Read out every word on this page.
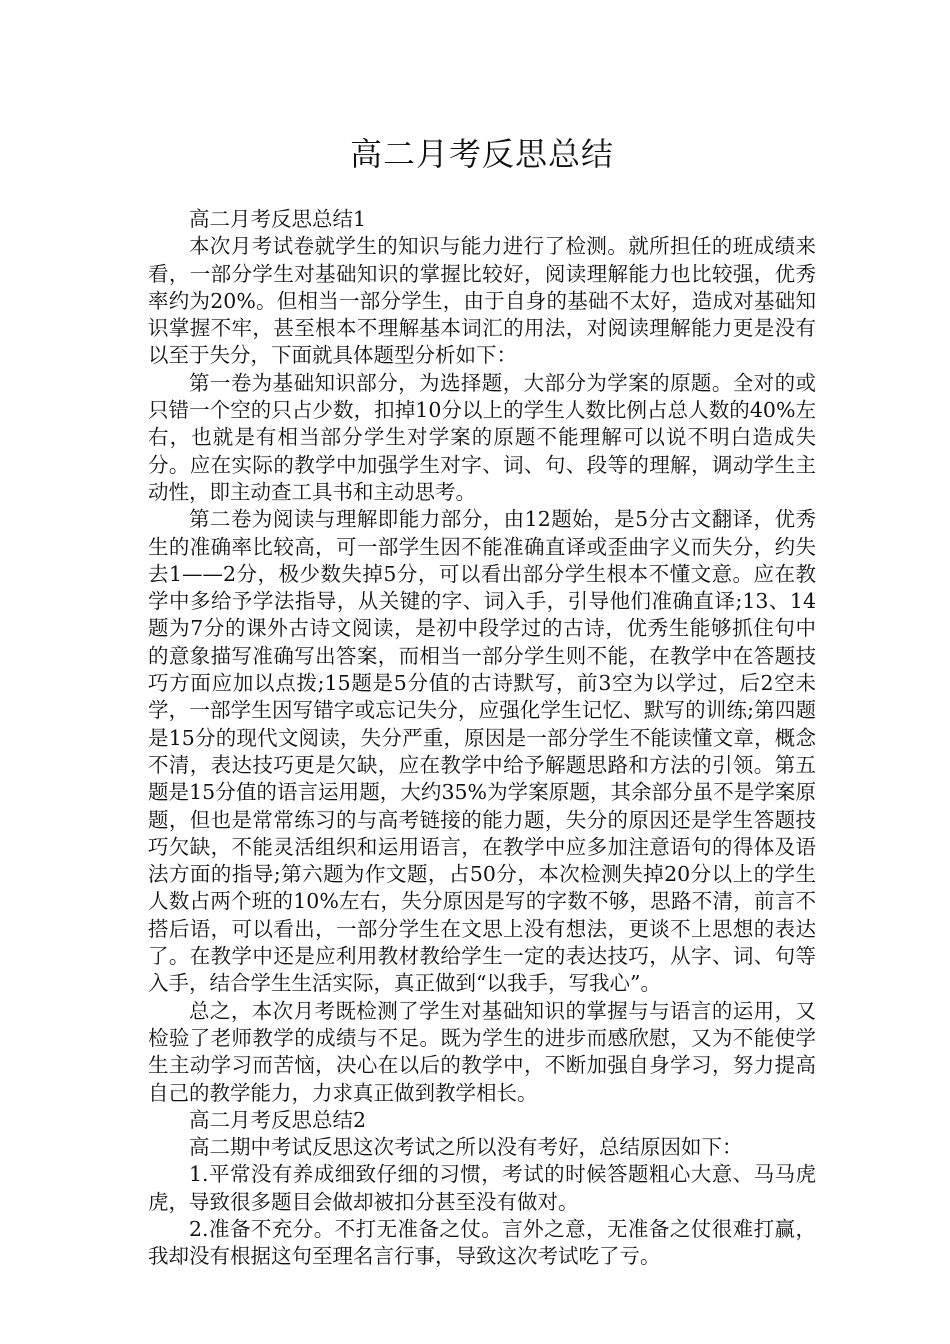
高二月考反思总结

高二月考反思总结1

本次月考试卷就学生的知识与能力进行了检测。就所担任的班成绩来看，一部分学生对基础知识的掌握比较好，阅读理解能力也比较强，优秀率约为20%。但相当一部分学生，由于自身的基础不太好，造成对基础知识掌握不牢，甚至根本不理解基本词汇的用法，对阅读理解能力更是没有以至于失分，下面就具体题型分析如下：

第一卷为基础知识部分，为选择题，大部分为学案的原题。全对的或只错一个空的只占少数，扣掉10分以上的学生人数比例占总人数的40%左右，也就是有相当部分学生对学案的原题不能理解可以说不明白造成失分。应在实际的教学中加强学生对字、词、句、段等的理解，调动学生主动性，即主动查工具书和主动思考。

第二卷为阅读与理解即能力部分，由12题始，是5分古文翻译，优秀生的准确率比较高，可一部学生因不能准确直译或歪曲字义而失分，约失去1——2分，极少数失掉5分，可以看出部分学生根本不懂文意。应在教学中多给予学法指导，从关键的字、词入手，引导他们准确直译;13、14题为7分的课外古诗文阅读，是初中段学过的古诗，优秀生能够抓住句中的意象描写准确写出答案，而相当一部分学生则不能，在教学中在答题技巧方面应加以点拨;15题是5分值的古诗默写，前3空为以学过，后2空未学，一部学生因写错字或忘记失分，应强化学生记忆、默写的训练;第四题是15分的现代文阅读，失分严重，原因是一部分学生不能读懂文章，概念不清，表达技巧更是欠缺，应在教学中给予解题思路和方法的引领。第五题是15分值的语言运用题，大约35%为学案原题，其余部分虽不是学案原题，但也是常常练习的与高考链接的能力题，失分的原因还是学生答题技巧欠缺，不能灵活组织和运用语言，在教学中应多加注意语句的得体及语法方面的指导;第六题为作文题，占50分，本次检测失掉20分以上的学生人数占两个班的10%左右，失分原因是写的字数不够，思路不清，前言不搭后语，可以看出，一部分学生在文思上没有想法，更谈不上思想的表达了。在教学中还是应利用教材教给学生一定的表达技巧，从字、词、句等入手，结合学生生活实际，真正做到“以我手，写我心”。

总之，本次月考既检测了学生对基础知识的掌握与与语言的运用，又检验了老师教学的成绩与不足。既为学生的进步而感欣慰，又为不能使学生主动学习而苦恼，决心在以后的教学中，不断加强自身学习，努力提高自己的教学能力，力求真正做到教学相长。

高二月考反思总结2

高二期中考试反思这次考试之所以没有考好，总结原因如下：

1.平常没有养成细致仔细的习惯，考试的时候答题粗心大意、马马虎虎，导致很多题目会做却被扣分甚至没有做对。

2.准备不充分。不打无准备之仗。言外之意，无准备之仗很难打赢，我却没有根据这句至理名言行事，导致这次考试吃了亏。
